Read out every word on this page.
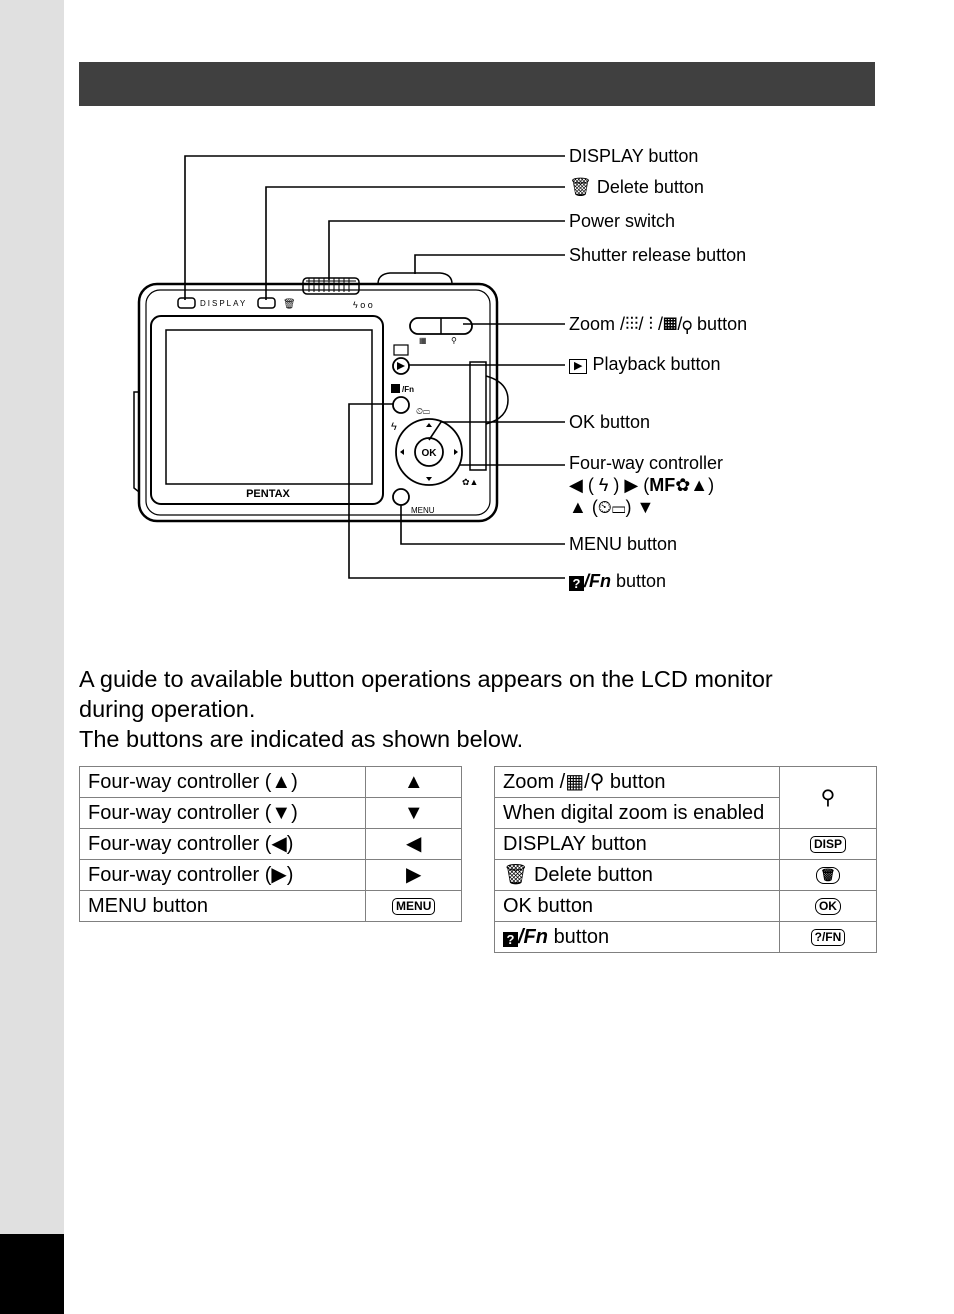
DISPLAY	🗑	ϟ o o
PENTAX
OK
MENU
/Fn
ϟ
⏲▭
✿▲
▦	⚲
DISPLAY button
🗑 Delete button
Power switch
Shutter release button
Zoom /⫶⫶⫶/ ⫶ /▦/⚲ button
▶ Playback button
OK button
Four-way controller
◀ ( ϟ ) ▶ (MF✿▲)
▲ (⏲▭) ▼
MENU button
? /Fn button
A guide to available button operations appears on the LCD monitor
during operation.
The buttons are indicated as shown below.
Four-way controller (▲)	▲
Four-way controller (▼)	▼
Four-way controller (◀)	◀
Four-way controller (▶)	▶
MENU button	MENU
Zoom /▦/⚲ button	⚲
When digital zoom is enabled	
DISPLAY button	DISP
🗑 Delete button	🗑
OK button	OK
? /Fn button	?/FN
